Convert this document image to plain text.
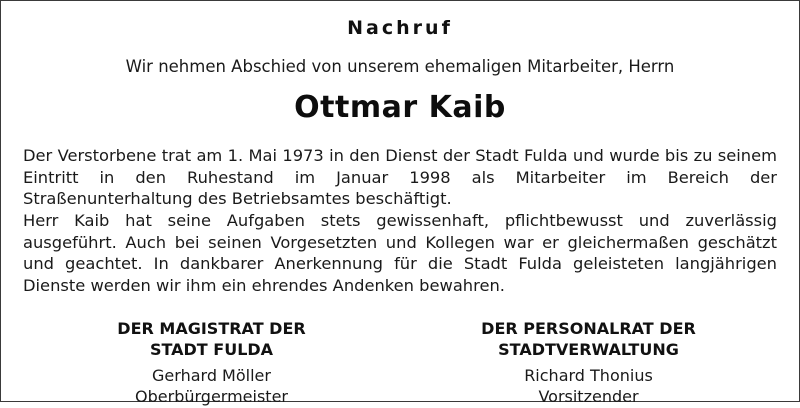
Nachruf
Wir nehmen Abschied von unserem ehemaligen Mitarbeiter, Herrn
Ottmar Kaib

Der Verstorbene trat am 1. Mai 1973 in den Dienst der Stadt Fulda und wurde bis zu seinem Eintritt in den Ruhestand im Januar 1998 als Mitarbeiter im Bereich der Straßenunterhaltung des Betriebsamtes beschäftigt.

Herr Kaib hat seine Aufgaben stets gewissenhaft, pflichtbewusst und zuverlässig ausgeführt. Auch bei seinen Vorgesetzten und Kollegen war er gleichermaßen geschätzt und geachtet. In dankbarer Anerkennung für die Stadt Fulda geleisteten langjährigen Dienste werden wir ihm ein ehrendes Andenken bewahren.

DER MAGISTRAT DER
STADT FULDA
Gerhard Möller
Oberbürgermeister
DER PERSONALRAT DER
STADTVERWALTUNG
Richard Thonius
Vorsitzender
